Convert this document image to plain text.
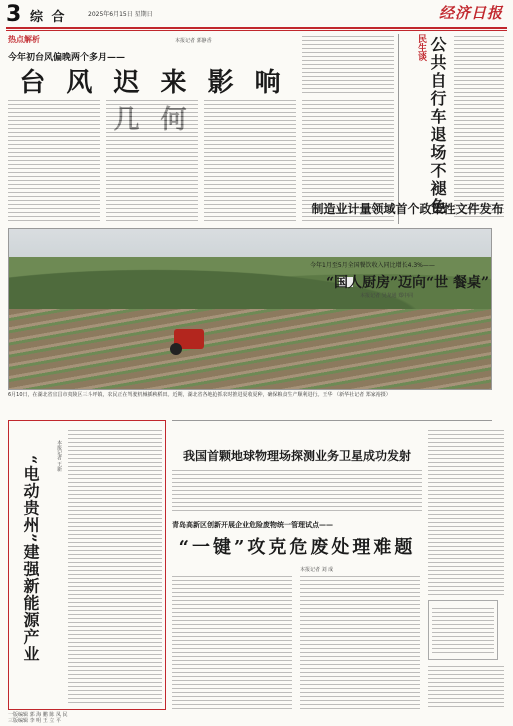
3 综 合	2025年6月15日 星期日	经济日报
热点解析	本报记者 郭静香
今年初台风偏晚两个多月——
台 风 迟 来 影 响
民生谈 公共自行车退场不褪色
6月10日，在湖北省宜昌市夷陵区三斗坪镇，农民正在驾驶机械插秧稻田。近期，湖北省各地抢抓农时推进夏收夏种，确保粮食生产顺利进行。王华 （新华社记者 郑家裕摄）
制造业计量领域首个政策性文件发布
“电动贵州”建强新能源产业	本报记者 王新	我国首颗地球物理场探测业务卫星成功发射
青岛高新区创新开展企业危险废物统一管理试点——
“一键”攻克危废处理难题
本报记者 刘 成
今年1月至5月全国餐饮收入同比增长4.3%——
“国人厨房”迈向“世 餐桌”
本报记者 吴龙通 郑中同
一版编辑 郭 海 鹏 陈 凤 民
三版编辑 李 明 王 立 平
